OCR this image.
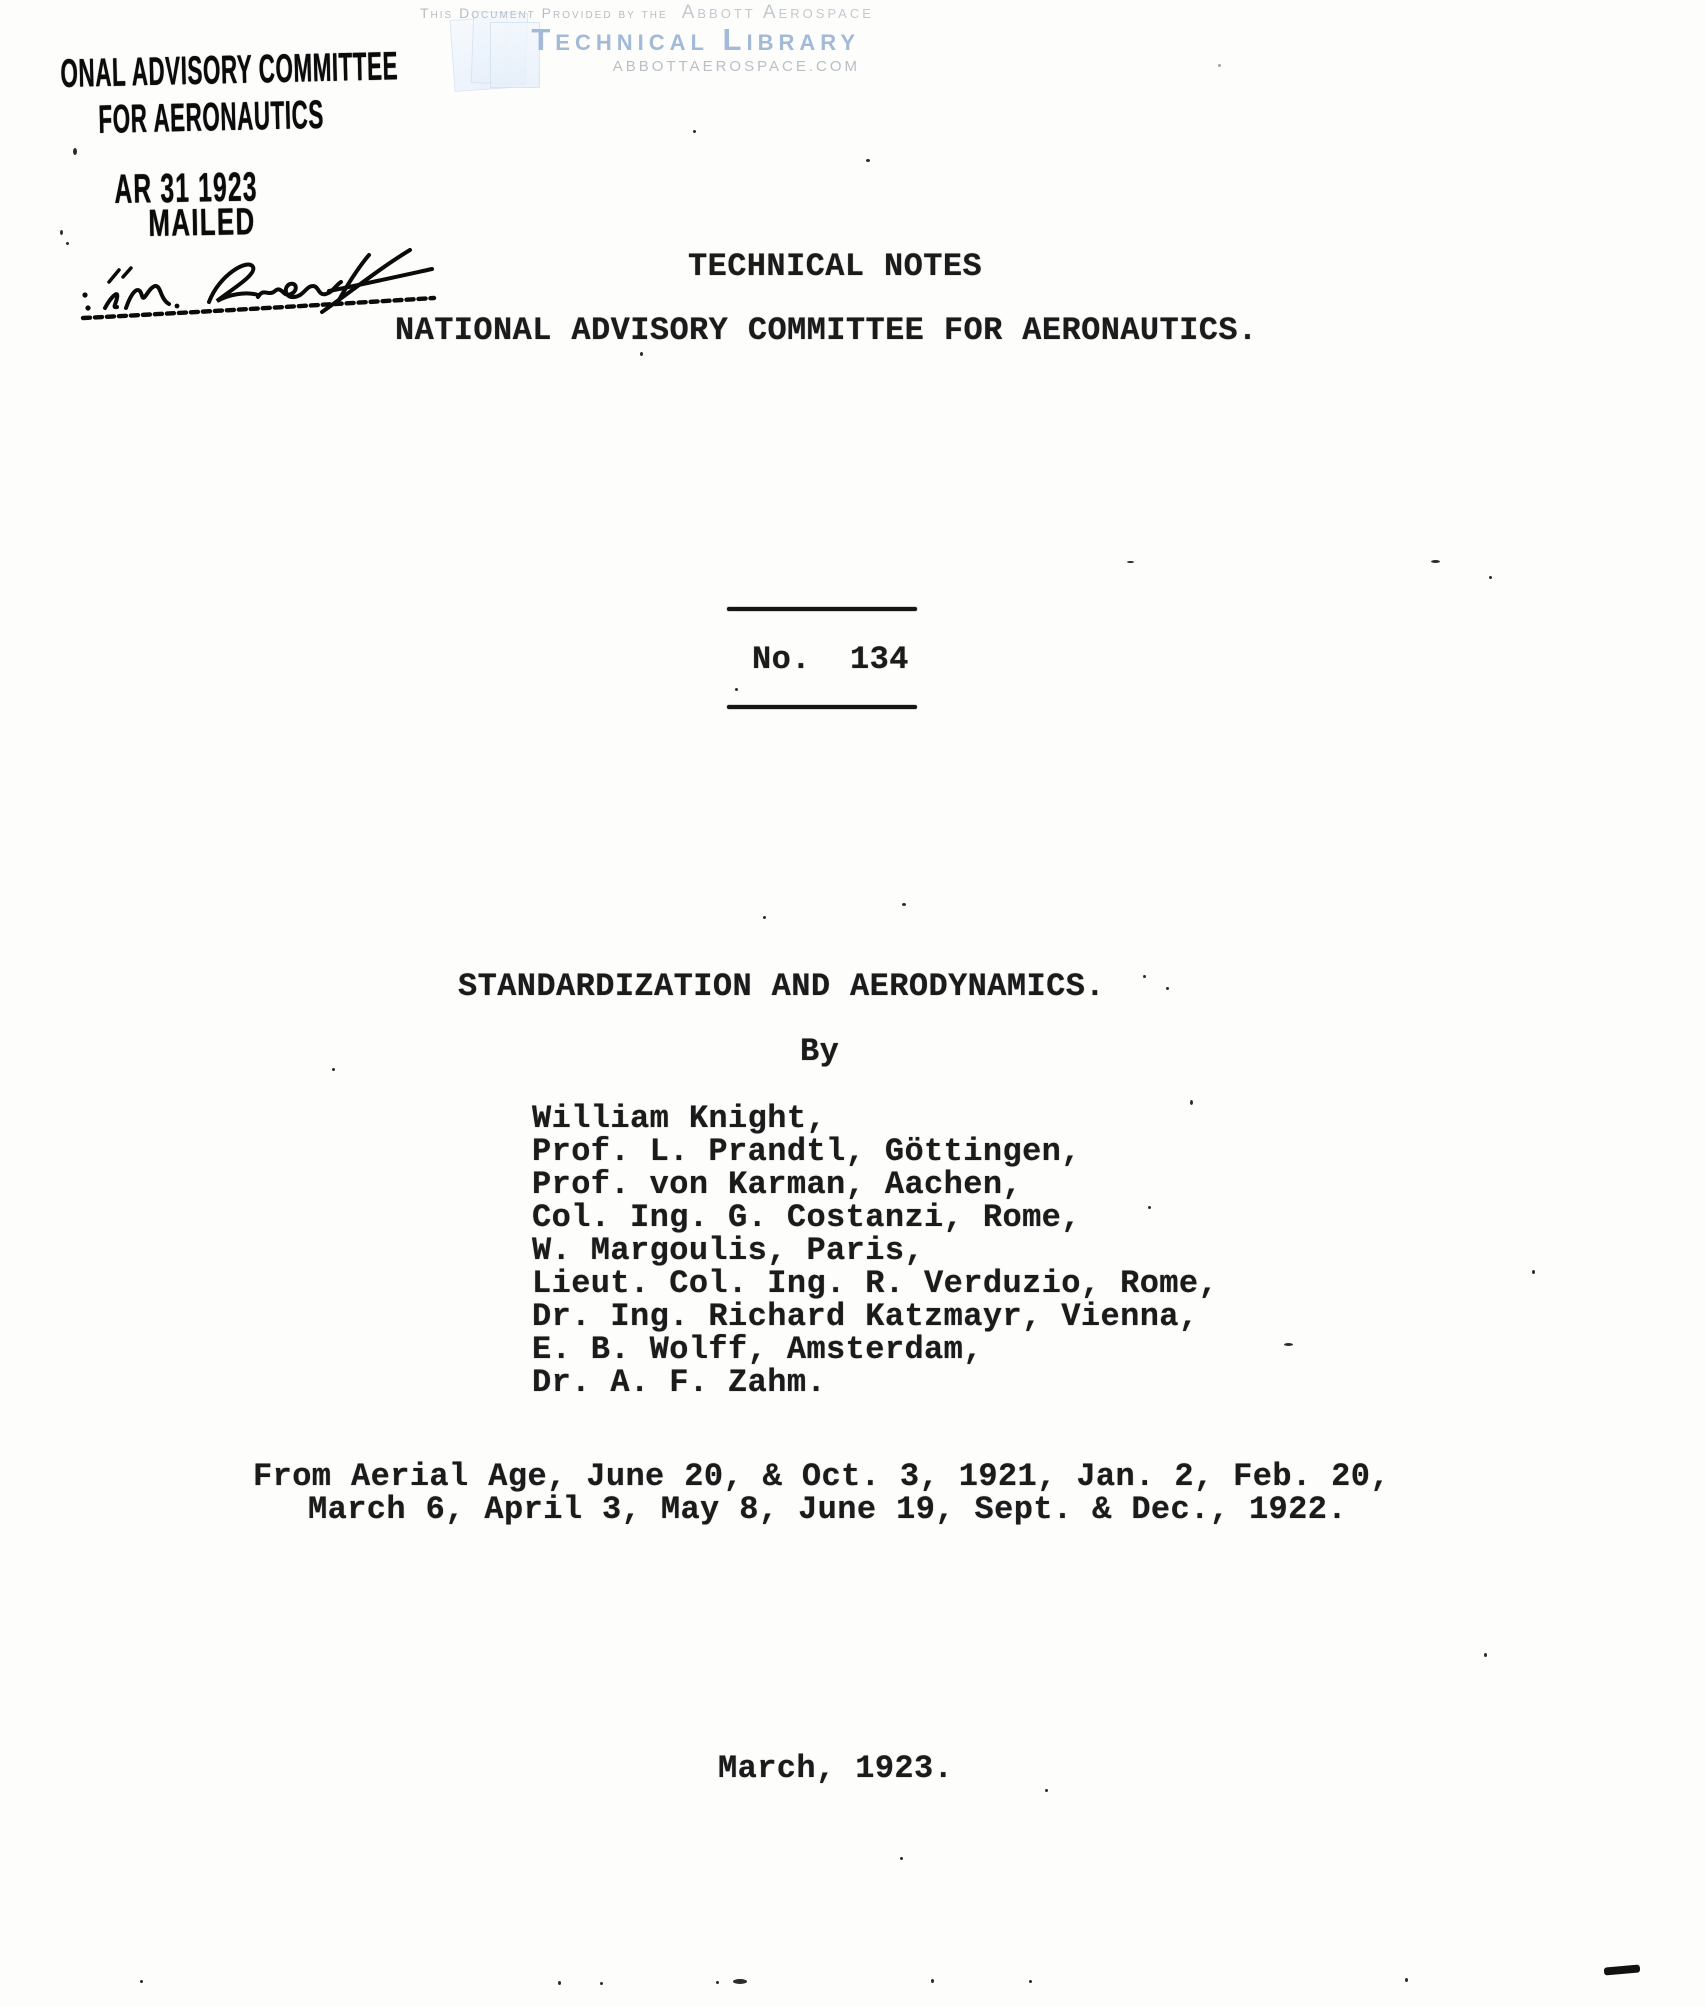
This Document Provided by the Abbott Aerospace
Technical Library
ABBOTTAEROSPACE.COM
ONAL ADVISORY COMMITTEE
FOR AERONAUTICS
AR 31 1923
MAILED
TECHNICAL NOTES
NATIONAL ADVISORY COMMITTEE FOR AERONAUTICS.
No.  134
STANDARDIZATION AND AERODYNAMICS.
By
William Knight,
Prof. L. Prandtl, Göttingen,
Prof. von Karman, Aachen,
Col. Ing. G. Costanzi, Rome,
W. Margoulis, Paris,
Lieut. Col. Ing. R. Verduzio, Rome,
Dr. Ing. Richard Katzmayr, Vienna,
E. B. Wolff, Amsterdam,
Dr. A. F. Zahm.
From Aerial Age, June 20, & Oct. 3, 1921, Jan. 2, Feb. 20,
March 6, April 3, May 8, June 19, Sept. & Dec., 1922.
March, 1923.
